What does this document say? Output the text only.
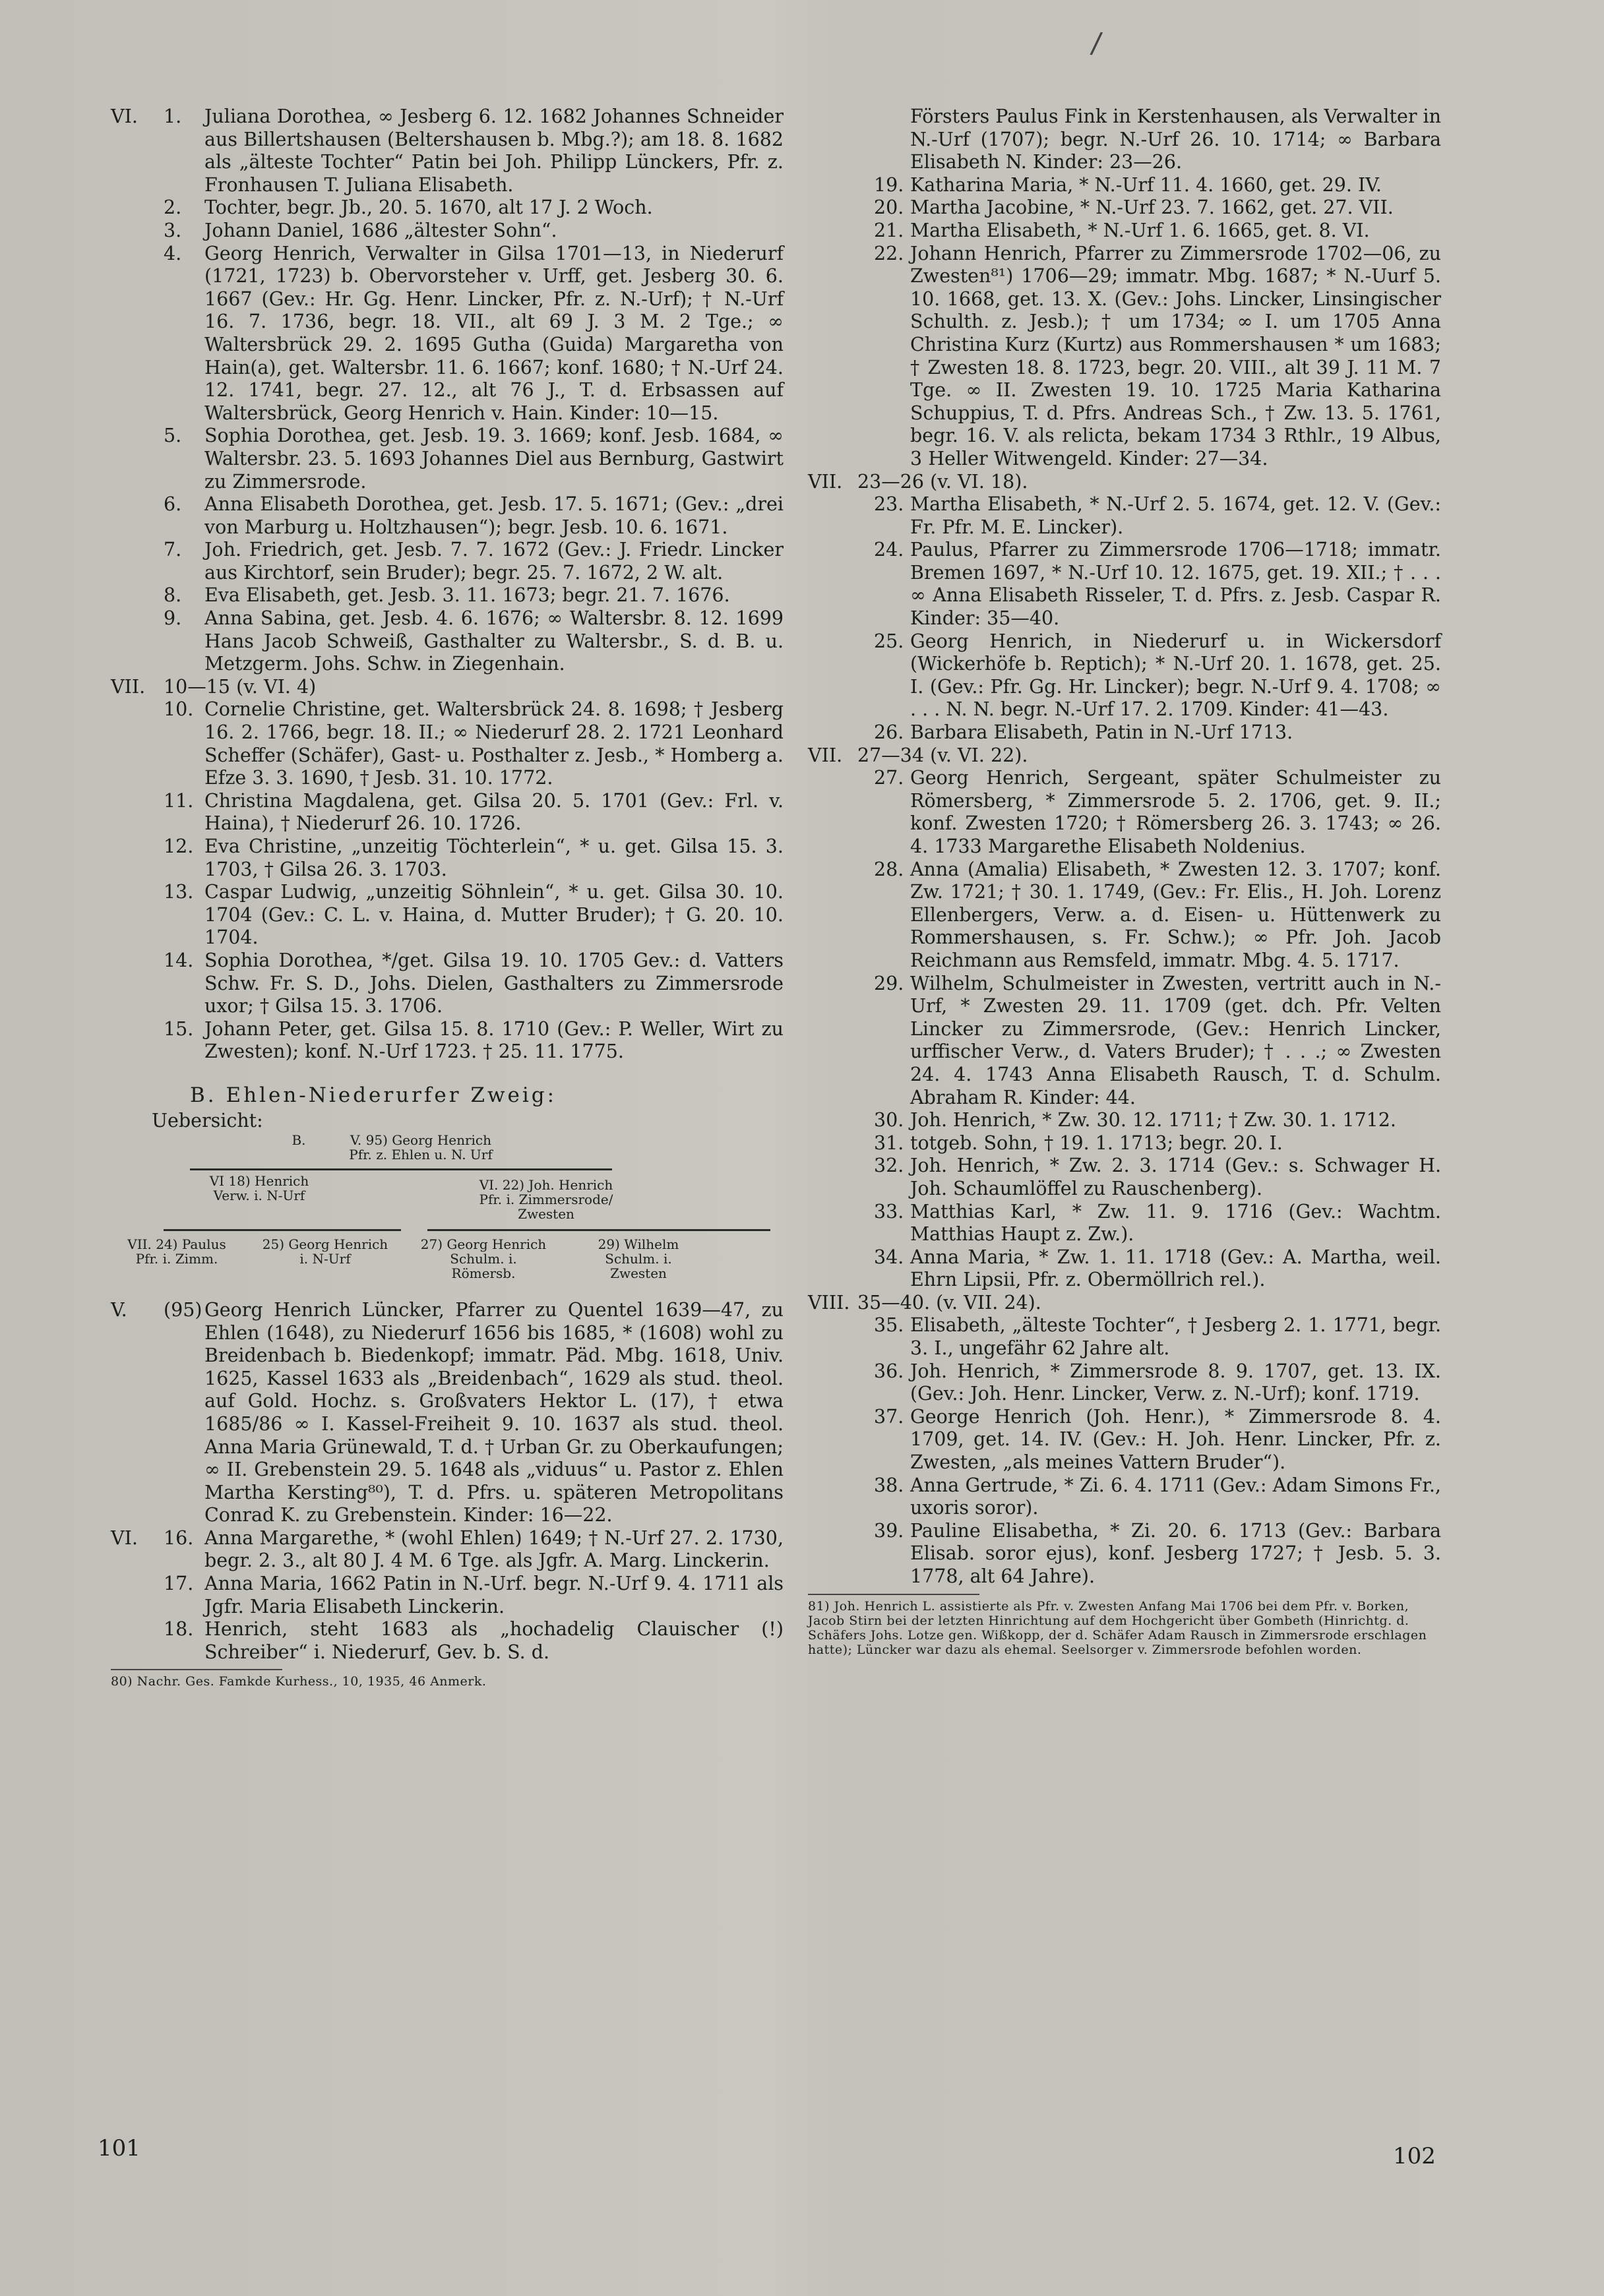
/
VI.	1.	Juliana Dorothea, ∞ Jesberg 6. 12. 1682 Johannes Schneider aus Billertshausen (Beltershausen b. Mbg.?); am 18. 8. 1682 als „älteste Tochter“ Patin bei Joh. Philipp Lünckers, Pfr. z. Fronhausen T. Juliana Elisabeth.
2.	Tochter, begr. Jb., 20. 5. 1670, alt 17 J. 2 Woch.
3.	Johann Daniel, 1686 „ältester Sohn“.
4.	Georg Henrich, Verwalter in Gilsa 1701—13, in Niederurf (1721, 1723) b. Obervorsteher v. Urff, get. Jesberg 30. 6. 1667 (Gev.: Hr. Gg. Henr. Lincker, Pfr. z. N.-Urf); † N.-Urf 16. 7. 1736, begr. 18. VII., alt 69 J. 3 M. 2 Tge.; ∞ Waltersbrück 29. 2. 1695 Gutha (Guida) Margaretha von Hain(a), get. Waltersbr. 11. 6. 1667; konf. 1680; † N.-Urf 24. 12. 1741, begr. 27. 12., alt 76 J., T. d. Erbsassen auf Waltersbrück, Georg Henrich v. Hain. Kinder: 10—15.
5.	Sophia Dorothea, get. Jesb. 19. 3. 1669; konf. Jesb. 1684, ∞ Waltersbr. 23. 5. 1693 Johannes Diel aus Bernburg, Gastwirt zu Zimmersrode.
6.	Anna Elisabeth Dorothea, get. Jesb. 17. 5. 1671; (Gev.: „drei von Marburg u. Holtzhausen“); begr. Jesb. 10. 6. 1671.
7.	Joh. Friedrich, get. Jesb. 7. 7. 1672 (Gev.: J. Friedr. Lincker aus Kirchtorf, sein Bruder); begr. 25. 7. 1672, 2 W. alt.
8.	Eva Elisabeth, get. Jesb. 3. 11. 1673; begr. 21. 7. 1676.
9.	Anna Sabina, get. Jesb. 4. 6. 1676; ∞ Waltersbr. 8. 12. 1699 Hans Jacob Schweiß, Gasthalter zu Waltersbr., S. d. B. u. Metzgerm. Johs. Schw. in Ziegenhain.
VII. 10—15 (v. VI. 4)
10. Cornelie Christine, get. Waltersbrück 24. 8. 1698; † Jesberg 16. 2. 1766, begr. 18. II.; ∞ Niederurf 28. 2. 1721 Leonhard Scheffer (Schäfer), Gast- u. Posthalter z. Jesb., * Homberg a. Efze 3. 3. 1690, † Jesb. 31. 10. 1772.
11. Christina Magdalena, get. Gilsa 20. 5. 1701 (Gev.: Frl. v. Haina), † Niederurf 26. 10. 1726.
12. Eva Christine, „unzeitig Töchterlein“, * u. get. Gilsa 15. 3. 1703, † Gilsa 26. 3. 1703.
13. Caspar Ludwig, „unzeitig Söhnlein“, * u. get. Gilsa 30. 10. 1704 (Gev.: C. L. v. Haina, d. Mutter Bruder); † G. 20. 10. 1704.
14. Sophia Dorothea, */get. Gilsa 19. 10. 1705 Gev.: d. Vatters Schw. Fr. S. D., Johs. Dielen, Gasthalters zu Zimmersrode uxor; † Gilsa 15. 3. 1706.
15. Johann Peter, get. Gilsa 15. 8. 1710 (Gev.: P. Weller, Wirt zu Zwesten); konf. N.-Urf 1723. † 25. 11. 1775.
B. Ehlen-Niederurfer Zweig:
Uebersicht:
B.	V. 95) Georg Henrich
Pfr. z. Ehlen u. N. Urf
VI 18) Henrich
Verw. i. N-Urf
VI. 22) Joh. Henrich
Pfr. i. Zimmersrode/
Zwesten
VII. 24) Paulus
Pfr. i. Zimm.
25) Georg Henrich
i. N-Urf
27) Georg Henrich
Schulm. i.
Römersb.
29) Wilhelm
Schulm. i.
Zwesten
V.	(95) Georg Henrich Lüncker, Pfarrer zu Quentel 1639—47, zu Ehlen (1648), zu Niederurf 1656 bis 1685, * (1608) wohl zu Breidenbach b. Biedenkopf; immatr. Päd. Mbg. 1618, Univ. 1625, Kassel 1633 als „Breidenbach“, 1629 als stud. theol. auf Gold. Hochz. s. Großvaters Hektor L. (17), † etwa 1685/86 ∞ I. Kassel-Freiheit 9. 10. 1637 als stud. theol. Anna Maria Grünewald, T. d. † Urban Gr. zu Oberkaufungen; ∞ II. Grebenstein 29. 5. 1648 als „viduus“ u. Pastor z. Ehlen Martha Kersting⁸⁰), T. d. Pfrs. u. späteren Metropolitans Conrad K. zu Grebenstein. Kinder: 16—22.
VI.	16. Anna Margarethe, * (wohl Ehlen) 1649; † N.-Urf 27. 2. 1730, begr. 2. 3., alt 80 J. 4 M. 6 Tge. als Jgfr. A. Marg. Linckerin.
17. Anna Maria, 1662 Patin in N.-Urf. begr. N.-Urf 9. 4. 1711 als Jgfr. Maria Elisabeth Linckerin.
18. Henrich, steht 1683 als „hochadelig Clauischer (!) Schreiber“ i. Niederurf, Gev. b. S. d.
80) Nachr. Ges. Famkde Kurhess., 10, 1935, 46 Anmerk.
101
Försters Paulus Fink in Kerstenhausen, als Verwalter in N.-Urf (1707); begr. N.-Urf 26. 10. 1714; ∞ Barbara Elisabeth N. Kinder: 23—26.
19. Katharina Maria, * N.-Urf 11. 4. 1660, get. 29. IV.
20. Martha Jacobine, * N.-Urf 23. 7. 1662, get. 27. VII.
21. Martha Elisabeth, * N.-Urf 1. 6. 1665, get. 8. VI.
22. Johann Henrich, Pfarrer zu Zimmersrode 1702—06, zu Zwesten⁸¹) 1706—29; immatr. Mbg. 1687; * N.-Uurf 5. 10. 1668, get. 13. X. (Gev.: Johs. Lincker, Linsingischer Schulth. z. Jesb.); † um 1734; ∞ I. um 1705 Anna Christina Kurz (Kurtz) aus Rommershausen * um 1683; † Zwesten 18. 8. 1723, begr. 20. VIII., alt 39 J. 11 M. 7 Tge. ∞ II. Zwesten 19. 10. 1725 Maria Katharina Schuppius, T. d. Pfrs. Andreas Sch., † Zw. 13. 5. 1761, begr. 16. V. als relicta, bekam 1734 3 Rthlr., 19 Albus, 3 Heller Witwengeld. Kinder: 27—34.
VII. 23—26 (v. VI. 18).
23. Martha Elisabeth, * N.-Urf 2. 5. 1674, get. 12. V. (Gev.: Fr. Pfr. M. E. Lincker).
24. Paulus, Pfarrer zu Zimmersrode 1706—1718; immatr. Bremen 1697, * N.-Urf 10. 12. 1675, get. 19. XII.; † . . . ∞ Anna Elisabeth Risseler, T. d. Pfrs. z. Jesb. Caspar R. Kinder: 35—40.
25. Georg Henrich, in Niederurf u. in Wickersdorf (Wickerhöfe b. Reptich); * N.-Urf 20. 1. 1678, get. 25. I. (Gev.: Pfr. Gg. Hr. Lincker); begr. N.-Urf 9. 4. 1708; ∞ . . . N. N. begr. N.-Urf 17. 2. 1709. Kinder: 41—43.
26. Barbara Elisabeth, Patin in N.-Urf 1713.
VII. 27—34 (v. VI. 22).
27. Georg Henrich, Sergeant, später Schulmeister zu Römersberg, * Zimmersrode 5. 2. 1706, get. 9. II.; konf. Zwesten 1720; † Römersberg 26. 3. 1743; ∞ 26. 4. 1733 Margarethe Elisabeth Noldenius.
28. Anna (Amalia) Elisabeth, * Zwesten 12. 3. 1707; konf. Zw. 1721; † 30. 1. 1749, (Gev.: Fr. Elis., H. Joh. Lorenz Ellenbergers, Verw. a. d. Eisen- u. Hüttenwerk zu Rommershausen, s. Fr. Schw.); ∞ Pfr. Joh. Jacob Reichmann aus Remsfeld, immatr. Mbg. 4. 5. 1717.
29. Wilhelm, Schulmeister in Zwesten, vertritt auch in N.-Urf, * Zwesten 29. 11. 1709 (get. dch. Pfr. Velten Lincker zu Zimmersrode, (Gev.: Henrich Lincker, urffischer Verw., d. Vaters Bruder); † . . .; ∞ Zwesten 24. 4. 1743 Anna Elisabeth Rausch, T. d. Schulm. Abraham R. Kinder: 44.
30. Joh. Henrich, * Zw. 30. 12. 1711; † Zw. 30. 1. 1712.
31. totgeb. Sohn, † 19. 1. 1713; begr. 20. I.
32. Joh. Henrich, * Zw. 2. 3. 1714 (Gev.: s. Schwager H. Joh. Schaumlöffel zu Rauschenberg).
33. Matthias Karl, * Zw. 11. 9. 1716 (Gev.: Wachtm. Matthias Haupt z. Zw.).
34. Anna Maria, * Zw. 1. 11. 1718 (Gev.: A. Martha, weil. Ehrn Lipsii, Pfr. z. Obermöllrich rel.).
VIII. 35—40. (v. VII. 24).
35. Elisabeth, „älteste Tochter“, † Jesberg 2. 1. 1771, begr. 3. I., ungefähr 62 Jahre alt.
36. Joh. Henrich, * Zimmersrode 8. 9. 1707, get. 13. IX. (Gev.: Joh. Henr. Lincker, Verw. z. N.-Urf); konf. 1719.
37. George Henrich (Joh. Henr.), * Zimmersrode 8. 4. 1709, get. 14. IV. (Gev.: H. Joh. Henr. Lincker, Pfr. z. Zwesten, „als meines Vattern Bruder“).
38. Anna Gertrude, * Zi. 6. 4. 1711 (Gev.: Adam Simons Fr., uxoris soror).
39. Pauline Elisabetha, * Zi. 20. 6. 1713 (Gev.: Barbara Elisab. soror ejus), konf. Jesberg 1727; † Jesb. 5. 3. 1778, alt 64 Jahre).
81) Joh. Henrich L. assistierte als Pfr. v. Zwesten Anfang Mai 1706 bei dem Pfr. v. Borken, Jacob Stirn bei der letzten Hinrichtung auf dem Hochgericht über Gombeth (Hinrichtg. d. Schäfers Johs. Lotze gen. Wißkopp, der d. Schäfer Adam Rausch in Zimmersrode erschlagen hatte); Lüncker war dazu als ehemal. Seelsorger v. Zimmersrode befohlen worden.
102
